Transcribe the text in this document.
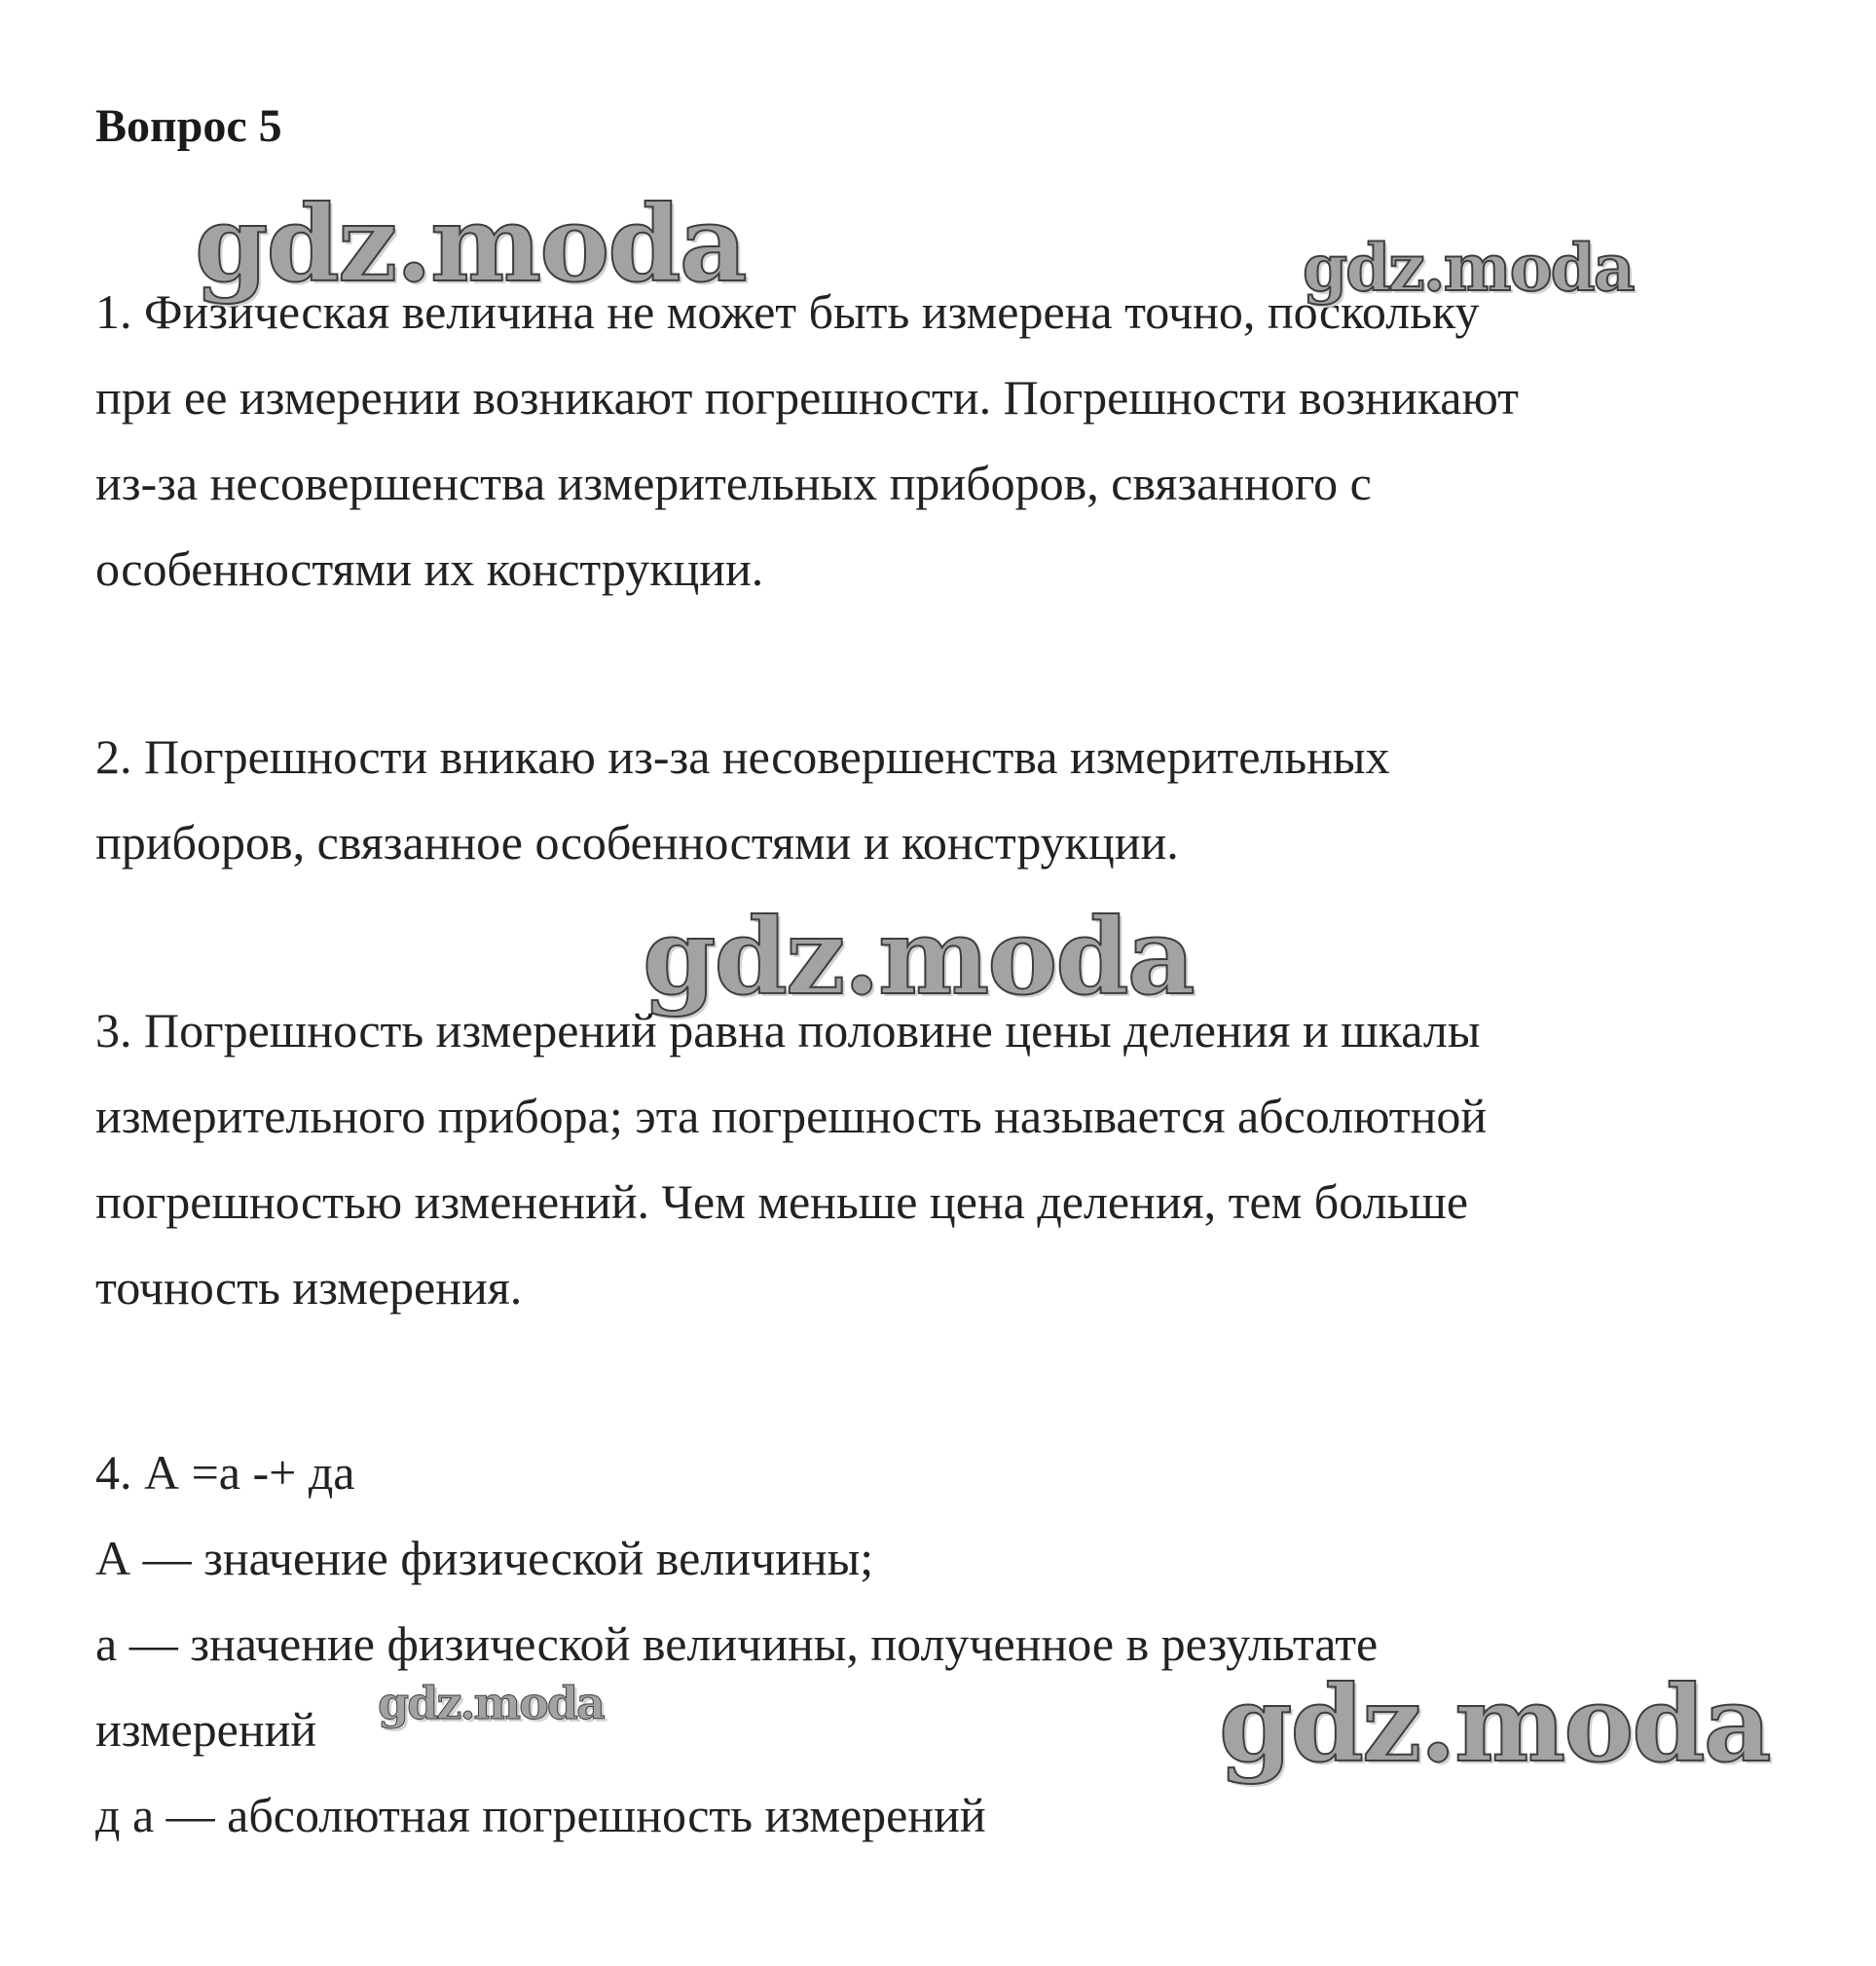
Вопрос 5
1. Физическая величина не может быть измерена точно, поскольку
при ее измерении возникают погрешности. Погрешности возникают
из-за несовершенства измерительных приборов, связанного с
особенностями их конструкции.
2. Погрешности вникаю из-за несовершенства измерительных
приборов, связанное особенностями и конструкции.
3. Погрешность измерений равна половине цены деления и шкалы
измерительного прибора; эта погрешность называется абсолютной
погрешностью изменений. Чем меньше цена деления, тем больше
точность измерения.
4. А =а -+ да
А — значение физической величины;
а — значение физической величины, полученное в результате
измерений
д а — абсолютная погрешность измерений
gdz.moda	gdz.moda
gdz.moda
gdz.moda	gdz.moda
